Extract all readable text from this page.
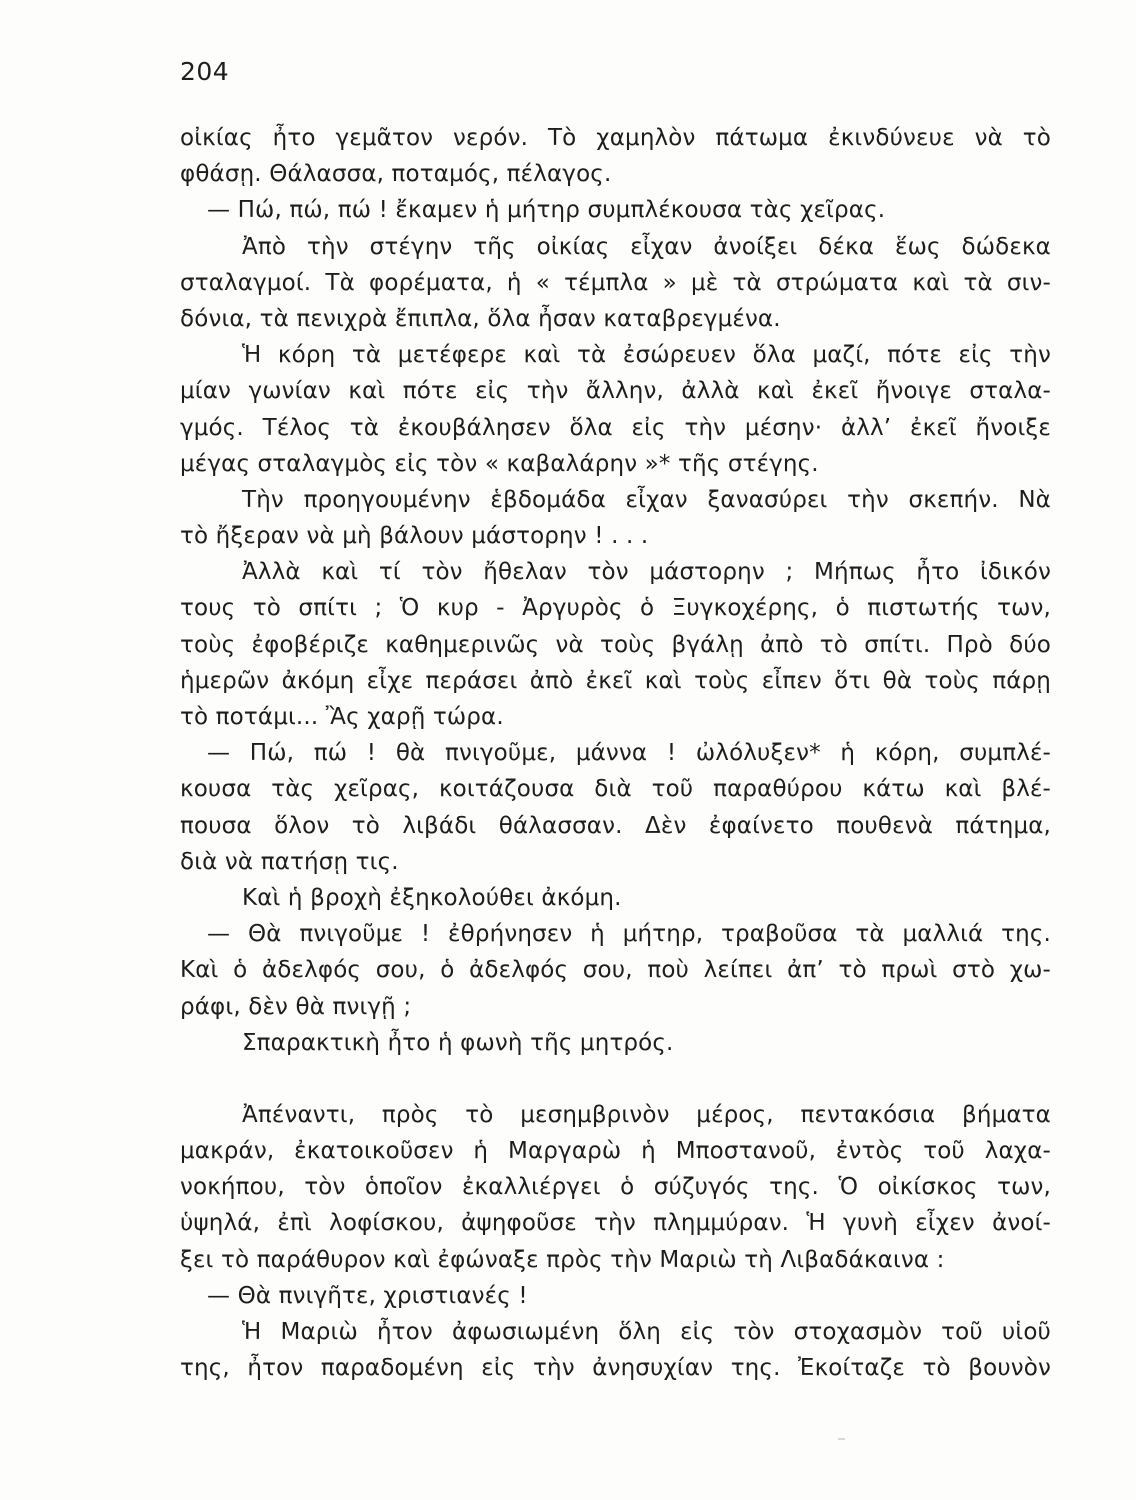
204
οἰκίας ἦτο γεμᾶτον νερόν. Τὸ χαμηλὸν πάτωμα ἐκινδύνευε νὰ τὸ
φθάσῃ. Θάλασσα, ποταμός, πέλαγος.
— Πώ, πώ, πώ ! ἔκαμεν ἡ μήτηρ συμπλέκουσα τὰς χεῖρας.
Ἀπὸ τὴν στέγην τῆς οἰκίας εἶχαν ἀνοίξει δέκα ἕως δώδεκα
σταλαγμοί. Τὰ φορέματα, ἡ « τέμπλα » μὲ τὰ στρώματα καὶ τὰ σιν-
δόνια, τὰ πενιχρὰ ἔπιπλα, ὅλα ἦσαν καταβρεγμένα.
Ἡ κόρη τὰ μετέφερε καὶ τὰ ἐσώρευεν ὅλα μαζί, πότε εἰς τὴν
μίαν γωνίαν καὶ πότε εἰς τὴν ἄλλην, ἀλλὰ καὶ ἐκεῖ ἤνοιγε σταλα-
γμός. Τέλος τὰ ἐκουβάλησεν ὅλα εἰς τὴν μέσην· ἀλλ’ ἐκεῖ ἤνοιξε
μέγας σταλαγμὸς εἰς τὸν « καβαλάρην »* τῆς στέγης.
Τὴν προηγουμένην ἑβδομάδα εἶχαν ξανασύρει τὴν σκεπήν. Νὰ
τὸ ἤξεραν νὰ μὴ βάλουν μάστορην ! . . .
Ἀλλὰ καὶ τί τὸν ἤθελαν τὸν μάστορην ; Μήπως ἦτο ἰδικόν
τους τὸ σπίτι ; Ὁ κυρ - Ἀργυρὸς ὁ Ξυγκοχέρης, ὁ πιστωτής των,
τοὺς ἐφοβέριζε καθημερινῶς νὰ τοὺς βγάλῃ ἀπὸ τὸ σπίτι. Πρὸ δύο
ἡμερῶν ἀκόμη εἶχε περάσει ἀπὸ ἐκεῖ καὶ τοὺς εἶπεν ὅτι θὰ τοὺς πάρῃ
τὸ ποτάμι... Ἂς χαρῇ τώρα.
— Πώ, πώ ! θὰ πνιγοῦμε, μάννα ! ὠλόλυξεν* ἡ κόρη, συμπλέ-
κουσα τὰς χεῖρας, κοιτάζουσα διὰ τοῦ παραθύρου κάτω καὶ βλέ-
πουσα ὅλον τὸ λιβάδι θάλασσαν. Δὲν ἐφαίνετο πουθενὰ πάτημα,
διὰ νὰ πατήσῃ τις.
Καὶ ἡ βροχὴ ἐξηκολούθει ἀκόμη.
— Θὰ πνιγοῦμε ! ἐθρήνησεν ἡ μήτηρ, τραβοῦσα τὰ μαλλιά της.
Καὶ ὁ ἀδελφός σου, ὁ ἀδελφός σου, ποὺ λείπει ἀπ’ τὸ πρωὶ στὸ χω-
ράφι, δὲν θὰ πνιγῇ ;
Σπαρακτικὴ ἦτο ἡ φωνὴ τῆς μητρός.
Ἀπέναντι, πρὸς τὸ μεσημβρινὸν μέρος, πεντακόσια βήματα
μακράν, ἐκατοικοῦσεν ἡ Μαργαρὼ ἡ Μποστανοῦ, ἐντὸς τοῦ λαχα-
νοκήπου, τὸν ὁποῖον ἐκαλλιέργει ὁ σύζυγός της. Ὁ οἰκίσκος των,
ὑψηλά, ἐπὶ λοφίσκου, ἀψηφοῦσε τὴν πλημμύραν. Ἡ γυνὴ εἶχεν ἀνοί-
ξει τὸ παράθυρον καὶ ἐφώναξε πρὸς τὴν Μαριὼ τὴ Λιβαδάκαινα :
— Θὰ πνιγῆτε, χριστιανές !
Ἡ Μαριὼ ἦτον ἀφωσιωμένη ὅλη εἰς τὸν στοχασμὸν τοῦ υἱοῦ
της, ἦτον παραδομένη εἰς τὴν ἀνησυχίαν της. Ἐκοίταζε τὸ βουνὸν
